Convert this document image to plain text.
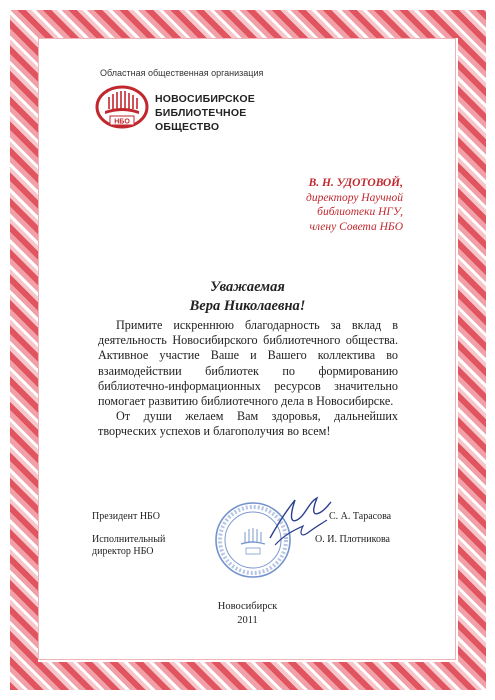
Областная общественная организация
НБО
НОВОСИБИРСКОЕ
БИБЛИОТЕЧНОЕ
ОБЩЕСТВО
В. Н. УДОТОВОЙ,
директору Научной
библиотеки НГУ,
члену Совета НБО
Уважаемая
Вера Николаевна!

Примите искреннюю благодарность за вклад в деятельность Новосибирского библиотечного общества. Активное участие Ваше и Вашего коллектива во взаимодействии библиотек по формированию библиотечно-информационных ресурсов значительно помогает развитию библиотечного дела в Новосибирске.

От души желаем Вам здоровья, дальнейших творческих успехов и благополучия во всем!

Президент НБО	С. А. Тарасова
Исполнительный
директор НБО
О. И. Плотникова
Новосибирск
2011
